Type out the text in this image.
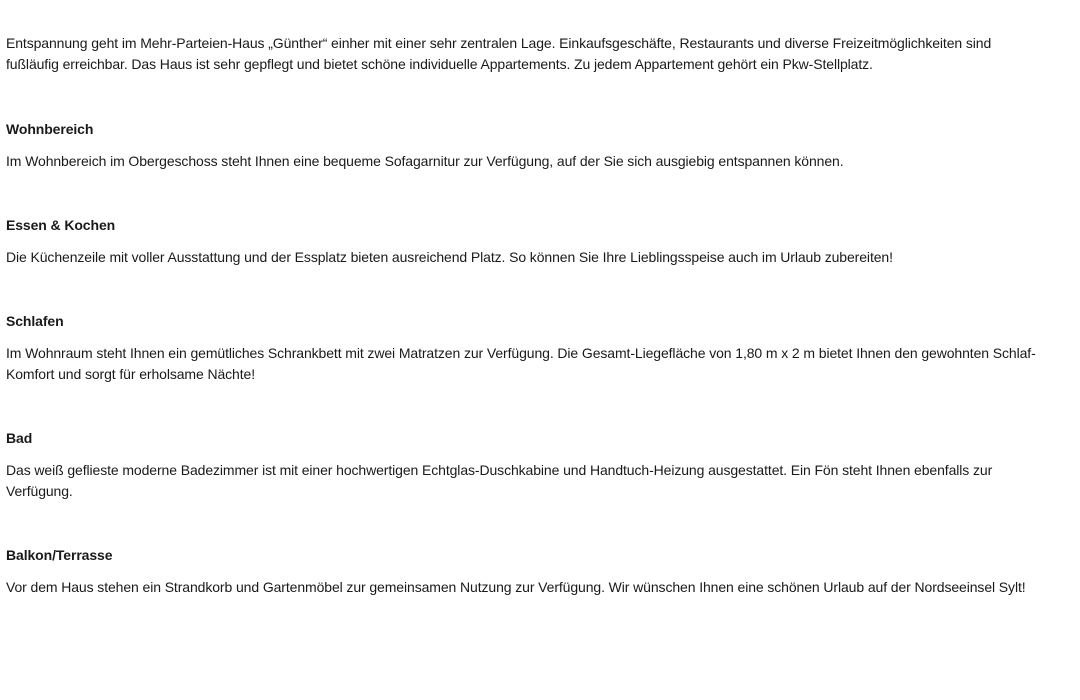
Entspannung geht im Mehr-Parteien-Haus „Günther“ einher mit einer sehr zentralen Lage. Einkaufsgeschäfte, Restaurants und diverse Freizeitmöglichkeiten sind fußläufig erreichbar. Das Haus ist sehr gepflegt und bietet schöne individuelle Appartements. Zu jedem Appartement gehört ein Pkw-Stellplatz.

Wohnbereich

Im Wohnbereich im Obergeschoss steht Ihnen eine bequeme Sofagarnitur zur Verfügung, auf der Sie sich ausgiebig entspannen können.

Essen & Kochen

Die Küchenzeile mit voller Ausstattung und der Essplatz bieten ausreichend Platz. So können Sie Ihre Lieblingsspeise auch im Urlaub zubereiten!

Schlafen

Im Wohnraum steht Ihnen ein gemütliches Schrankbett mit zwei Matratzen zur Verfügung. Die Gesamt-Liegefläche von 1,80 m x 2 m bietet Ihnen den gewohnten Schlaf-Komfort und sorgt für erholsame Nächte!

Bad

Das weiß geflieste moderne Badezimmer ist mit einer hochwertigen Echtglas-Duschkabine und Handtuch-Heizung ausgestattet. Ein Fön steht Ihnen ebenfalls zur Verfügung.

Balkon/Terrasse

Vor dem Haus stehen ein Strandkorb und Gartenmöbel zur gemeinsamen Nutzung zur Verfügung. Wir wünschen Ihnen eine schönen Urlaub auf der Nordseeinsel Sylt!
